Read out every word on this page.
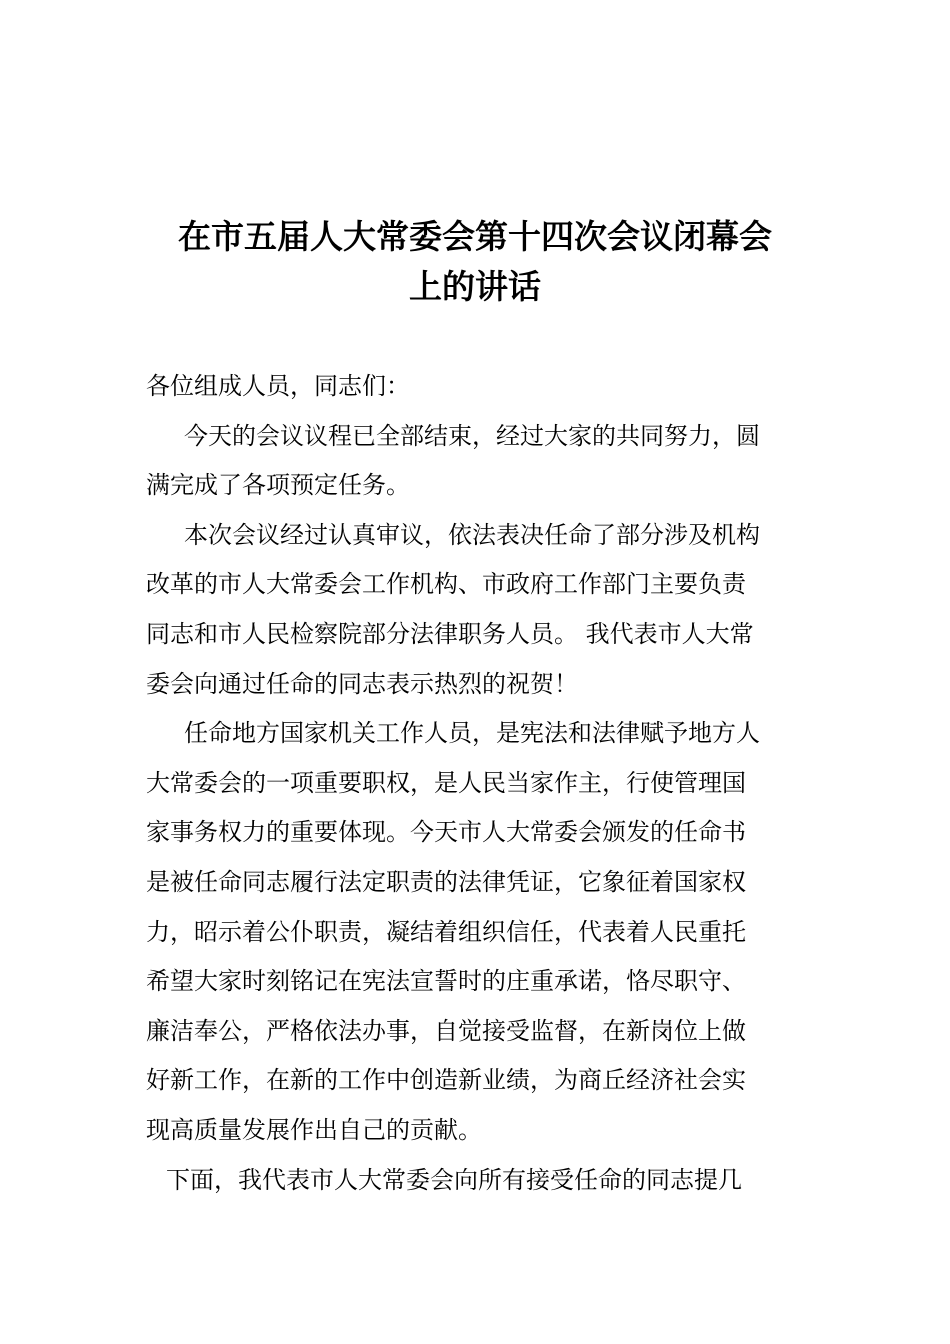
在市五届人大常委会第十四次会议闭幕会
上的讲话

各位组成人员，同志们：

今天的会议议程已全部结束，经过大家的共同努力，圆
满完成了各项预定任务。

本次会议经过认真审议，依法表决任命了部分涉及机构
改革的市人大常委会工作机构、市政府工作部门主要负责
同志和市人民检察院部分法律职务人员。 我代表市人大常
委会向通过任命的同志表示热烈的祝贺！

任命地方国家机关工作人员，是宪法和法律赋予地方人
大常委会的一项重要职权，是人民当家作主，行使管理国
家事务权力的重要体现。今天市人大常委会颁发的任命书
是被任命同志履行法定职责的法律凭证，它象征着国家权
力，昭示着公仆职责，凝结着组织信任，代表着人民重托
希望大家时刻铭记在宪法宣誓时的庄重承诺，恪尽职守、
廉洁奉公，严格依法办事，自觉接受监督，在新岗位上做
好新工作，在新的工作中创造新业绩，为商丘经济社会实
现高质量发展作出自己的贡献。

下面，我代表市人大常委会向所有接受任命的同志提几
